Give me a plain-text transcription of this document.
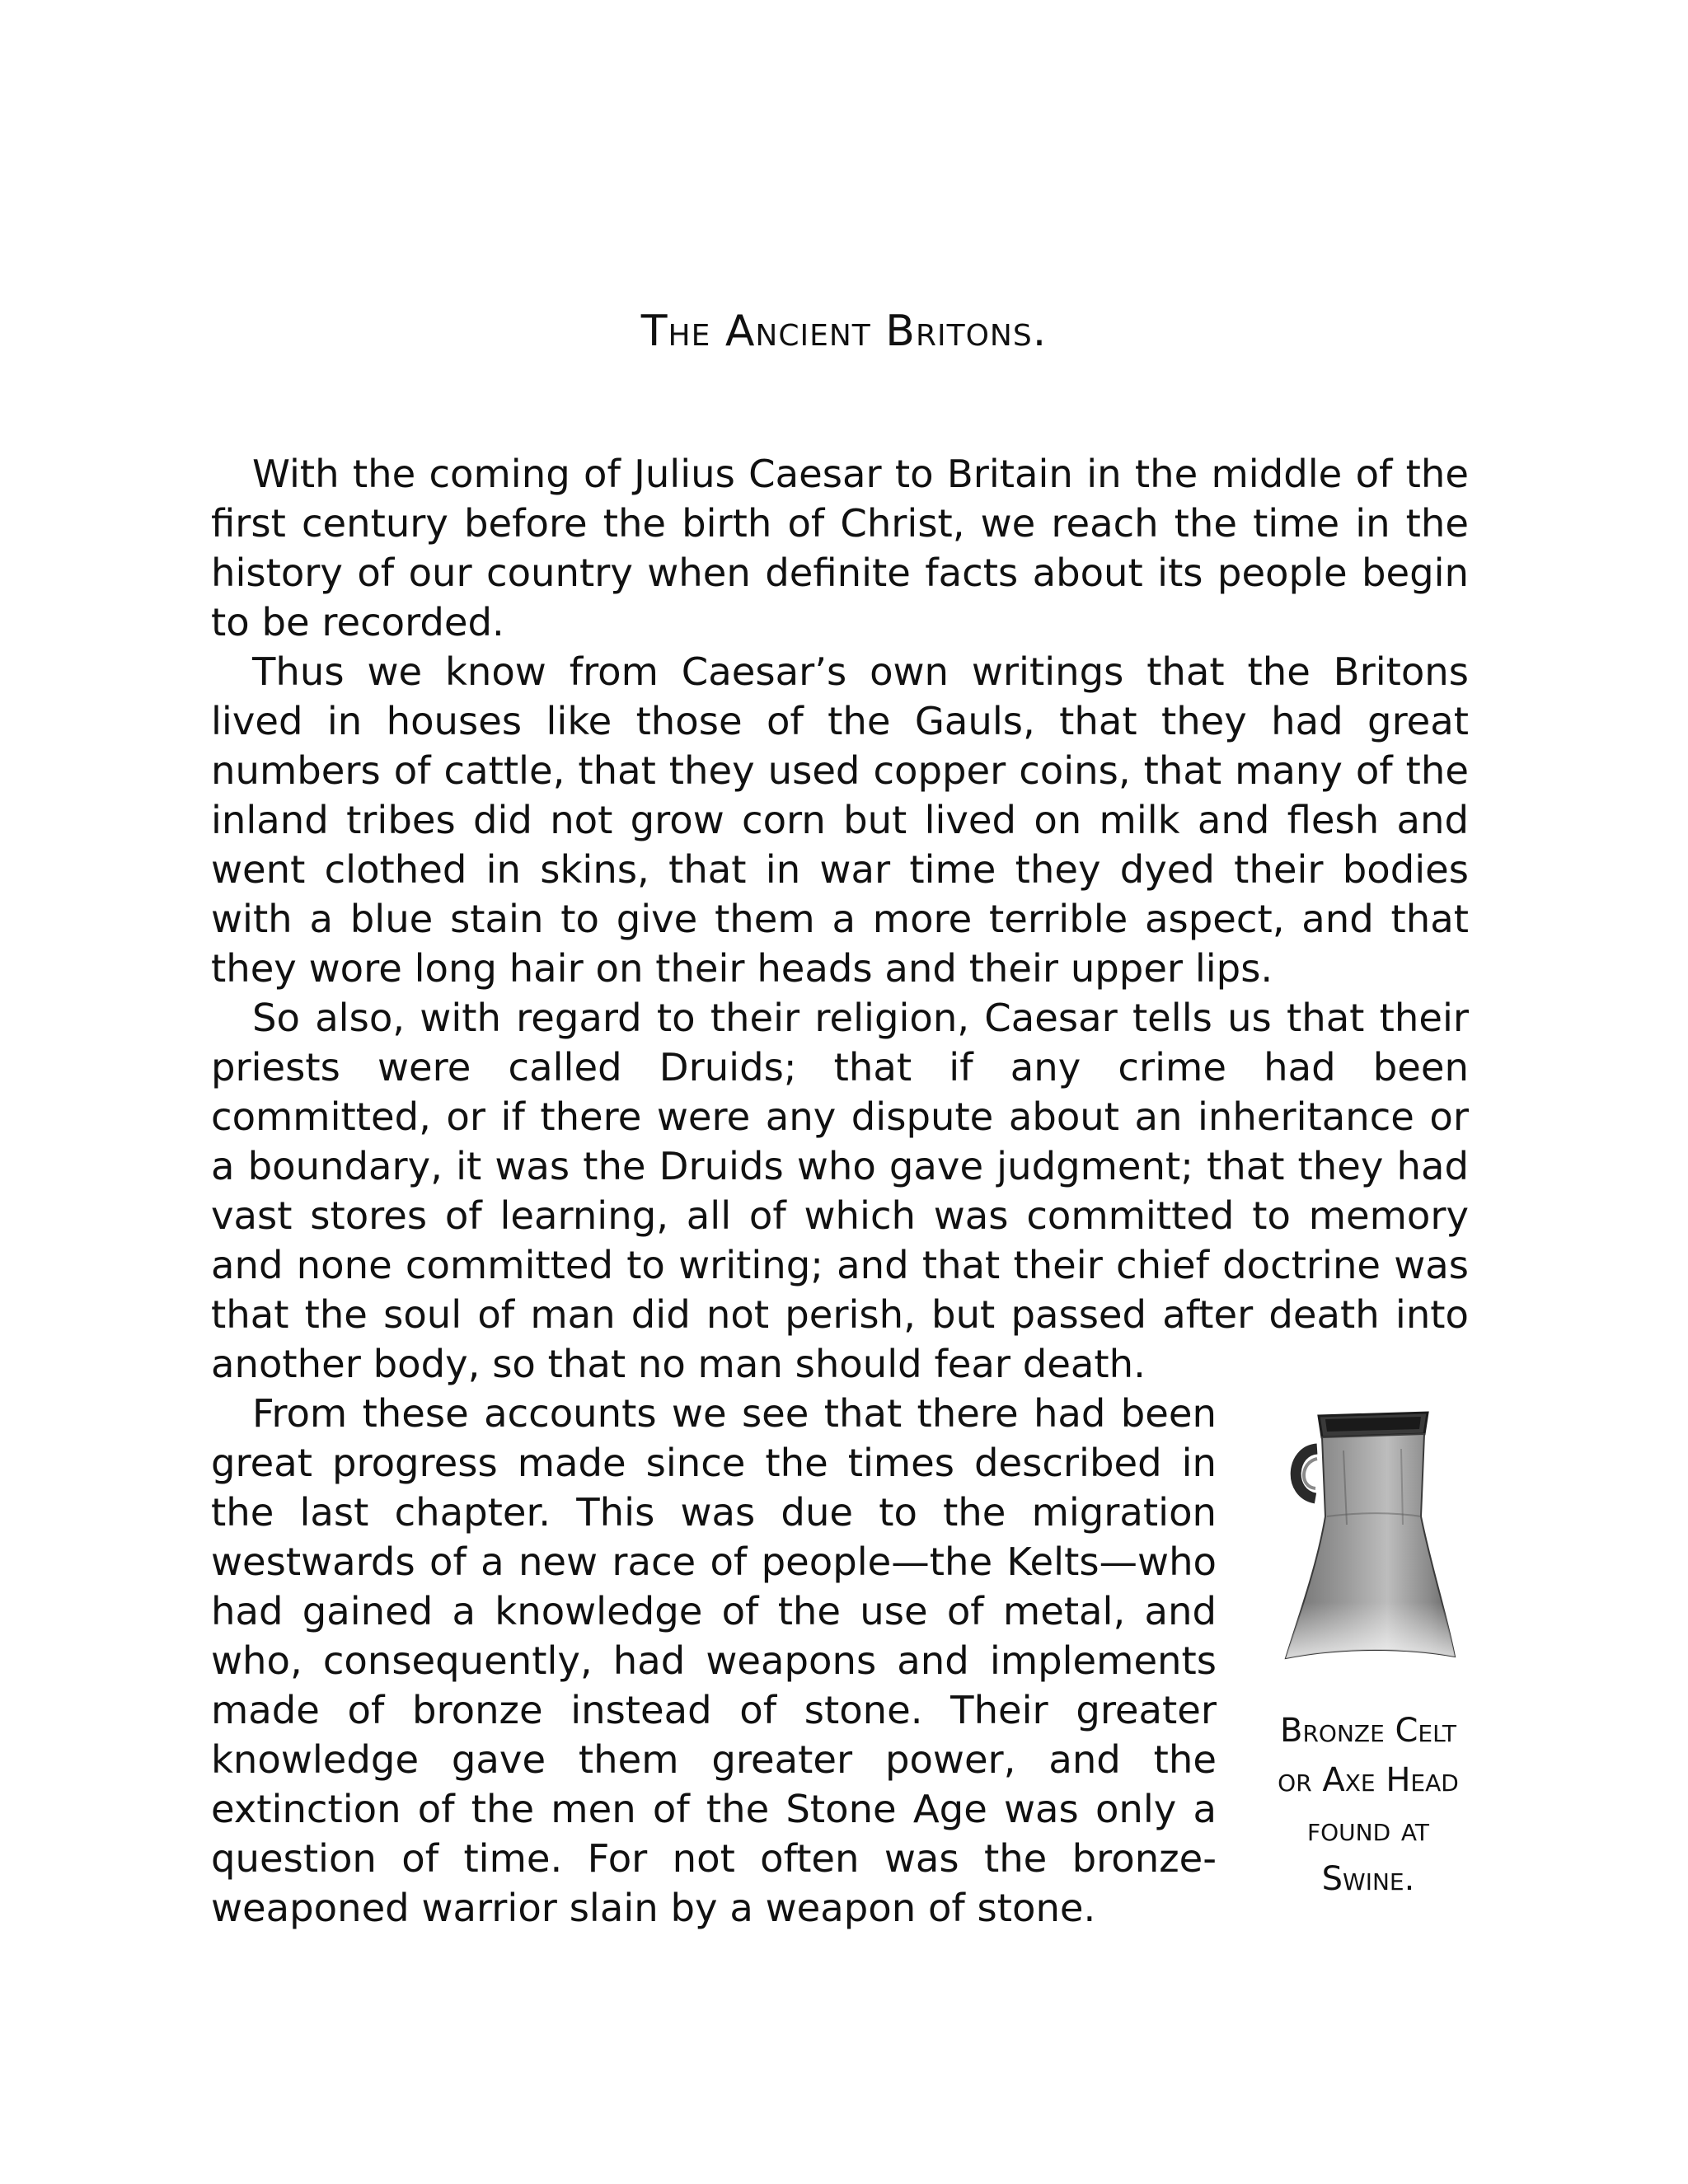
The Ancient Britons.

With the coming of Julius Caesar to Britain in the middle of the first century before the birth of Christ, we reach the time in the history of our country when definite facts about its people begin to be recorded.

Thus we know from Caesar’s own writings that the Britons lived in houses like those of the Gauls, that they had great numbers of cattle, that they used copper coins, that many of the inland tribes did not grow corn but lived on milk and flesh and went clothed in skins, that in war time they dyed their bodies with a blue stain to give them a more terrible aspect, and that they wore long hair on their heads and their upper lips.

So also, with regard to their religion, Caesar tells us that their priests were called Druids; that if any crime had been committed, or if there were any dispute about an inheritance or a boundary, it was the Druids who gave judgment; that they had vast stores of learning, all of which was committed to memory and none committed to writing; and that their chief doctrine was that the soul of man did not perish, but passed after death into another body, so that no man should fear death.

From these accounts we see that there had been great progress made since the times described in the last chapter. This was due to the migration westwards of a new race of people—the Kelts—who had gained a knowledge of the use of metal, and who, consequently, had weapons and implements made of bronze instead of stone. Their greater knowledge gave them greater power, and the extinction of the men of the Stone Age was only a question of time. For not often was the bronze-weaponed warrior slain by a weapon of stone.

Bronze Celt
or Axe Head
found at
Swine.
